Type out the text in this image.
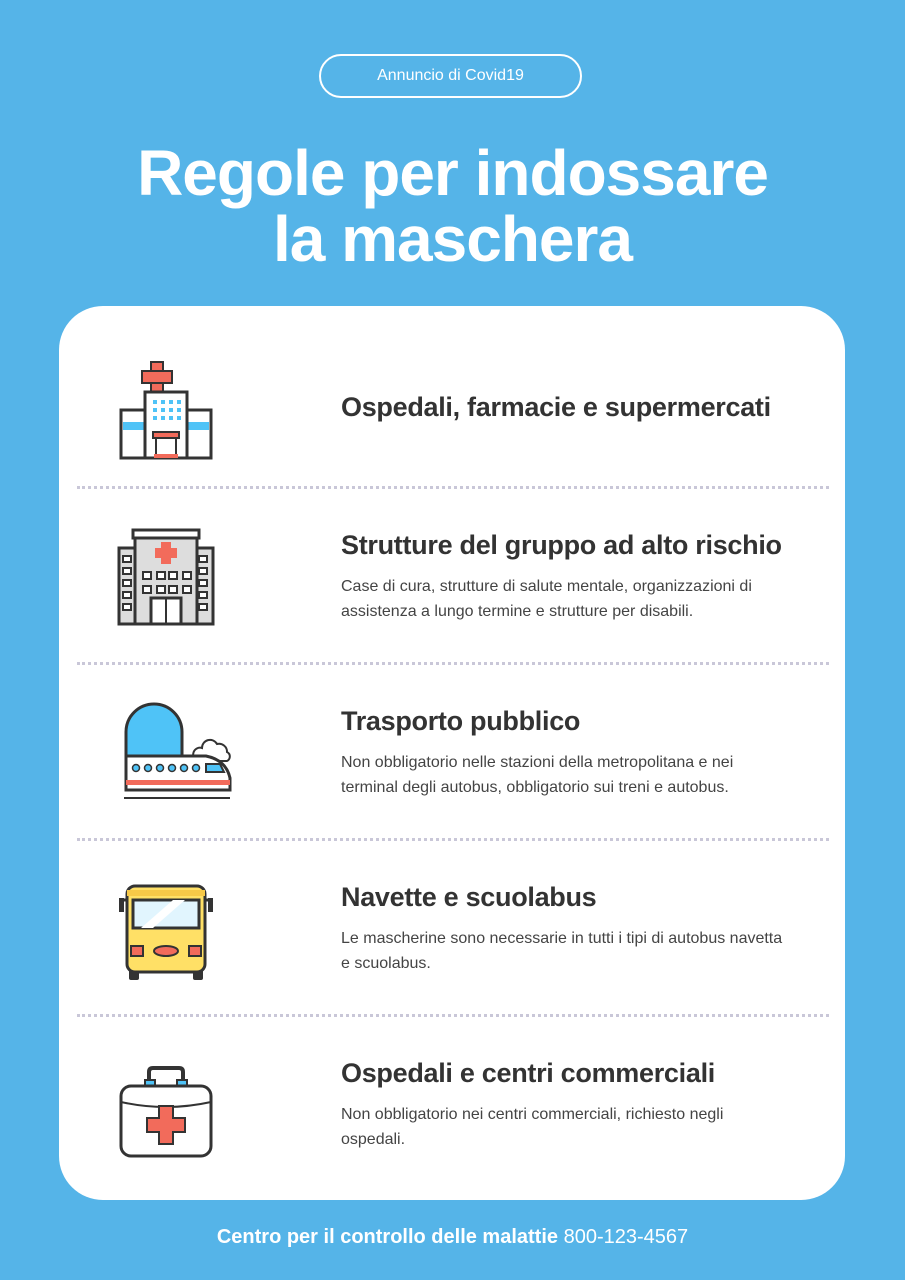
Annuncio di Covid19
Regole per indossare
la maschera
Ospedali, farmacie e supermercati
Strutture del gruppo ad alto rischio
Case di cura, strutture di salute mentale, organizzazioni di assistenza a lungo termine e strutture per disabili.
Trasporto pubblico
Non obbligatorio nelle stazioni della metropolitana e nei terminal degli autobus, obbligatorio sui treni e autobus.
Navette e scuolabus
Le mascherine sono necessarie in tutti i tipi di autobus navetta e scuolabus.
Ospedali e centri commerciali
Non obbligatorio nei centri commerciali, richiesto negli ospedali.
Centro per il controllo delle malattie 800-123-4567
